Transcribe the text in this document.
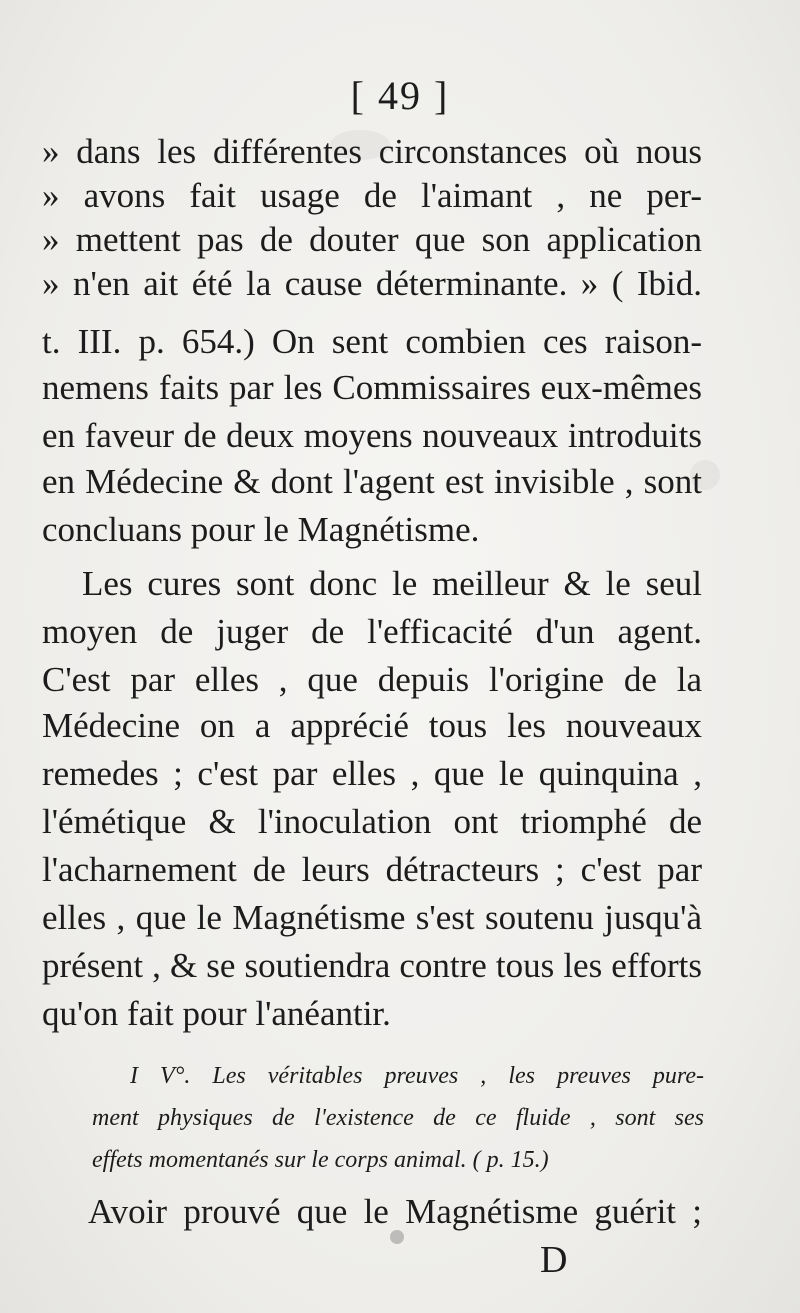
[ 49 ]
» dans les différentes circonstances où nous
» avons fait usage de l'aimant , ne per-
» mettent pas de douter que son application
» n'en ait été la cause déterminante. » ( Ibid.
t. III. p. 654.) On sent combien ces raison-
nemens faits par les Commissaires eux-mêmes
en faveur de deux moyens nouveaux introduits
en Médecine & dont l'agent est invisible , sont
concluans pour le Magnétisme.
Les cures sont donc le meilleur & le seul
moyen de juger de l'efficacité d'un agent.
C'est par elles , que depuis l'origine de la
Médecine on a apprécié tous les nouveaux
remedes ; c'est par elles , que le quinquina ,
l'émétique & l'inoculation ont triomphé de
l'acharnement de leurs détracteurs ; c'est par
elles , que le Magnétisme s'est soutenu jusqu'à
présent , & se soutiendra contre tous les efforts
qu'on fait pour l'anéantir.
I V°. Les véritables preuves , les preuves pure-
ment physiques de l'existence de ce fluide , sont ses
effets momentanés sur le corps animal. ( p. 15.)
Avoir prouvé que le Magnétisme guérit ;
D
